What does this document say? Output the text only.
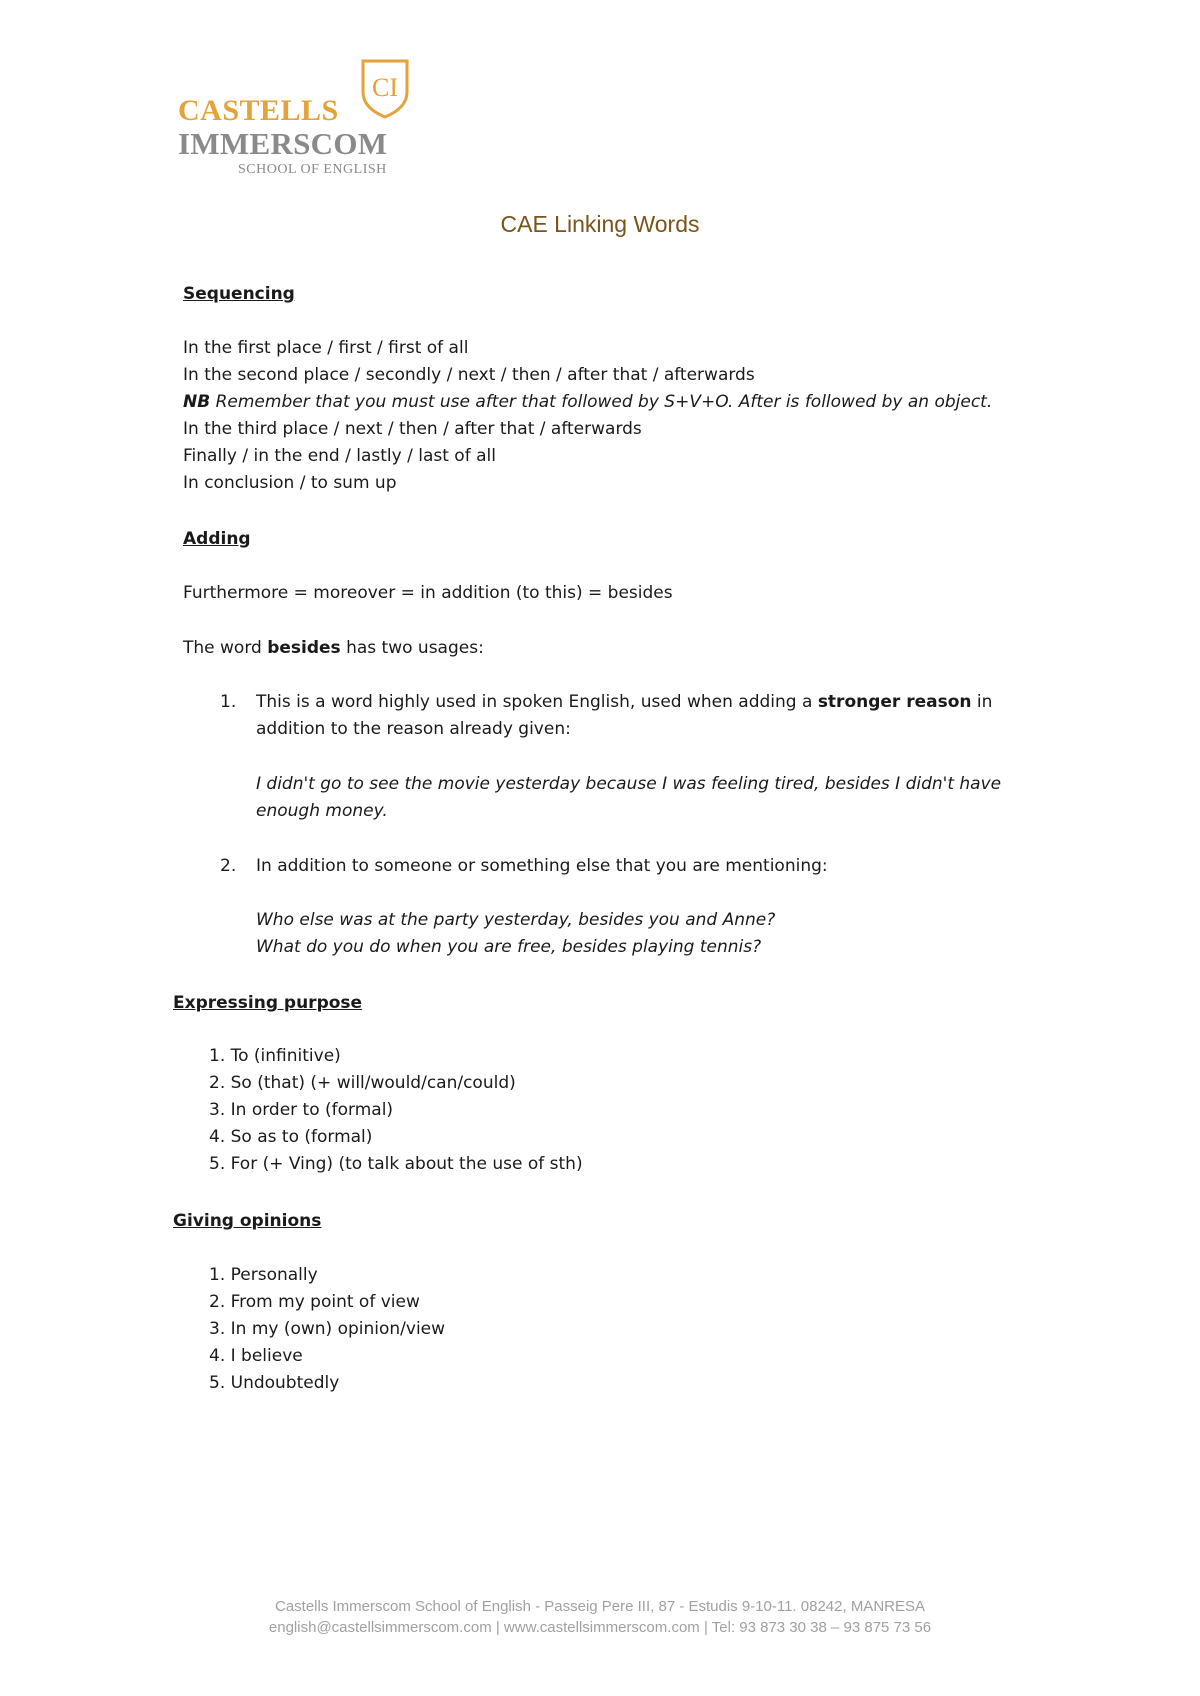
CI
CASTELLS
IMMERSCOM
SCHOOL OF ENGLISH
CAE Linking Words
Sequencing
In the first place / first / first of all
In the second place / secondly / next / then / after that / afterwards
NB Remember that you must use after that followed by S+V+O. After is followed by an object.
In the third place / next / then / after that / afterwards
Finally / in the end / lastly / last of all
In conclusion / to sum up
Adding
Furthermore = moreover = in addition (to this) = besides
The word besides has two usages:
1. This is a word highly used in spoken English, used when adding a stronger reason in
addition to the reason already given:
I didn't go to see the movie yesterday because I was feeling tired, besides I didn't have
enough money.
2. In addition to someone or something else that you are mentioning:
Who else was at the party yesterday, besides you and Anne?
What do you do when you are free, besides playing tennis?
Expressing purpose
1. To (infinitive)
2. So (that) (+ will/would/can/could)
3. In order to (formal)
4. So as to (formal)
5. For (+ Ving) (to talk about the use of sth)
Giving opinions
1. Personally
2. From my point of view
3. In my (own) opinion/view
4. I believe
5. Undoubtedly
Castells Immerscom School of English - Passeig Pere III, 87 - Estudis 9-10-11. 08242, MANRESA
english@castellsimmerscom.com | www.castellsimmerscom.com | Tel: 93 873 30 38 – 93 875 73 56
